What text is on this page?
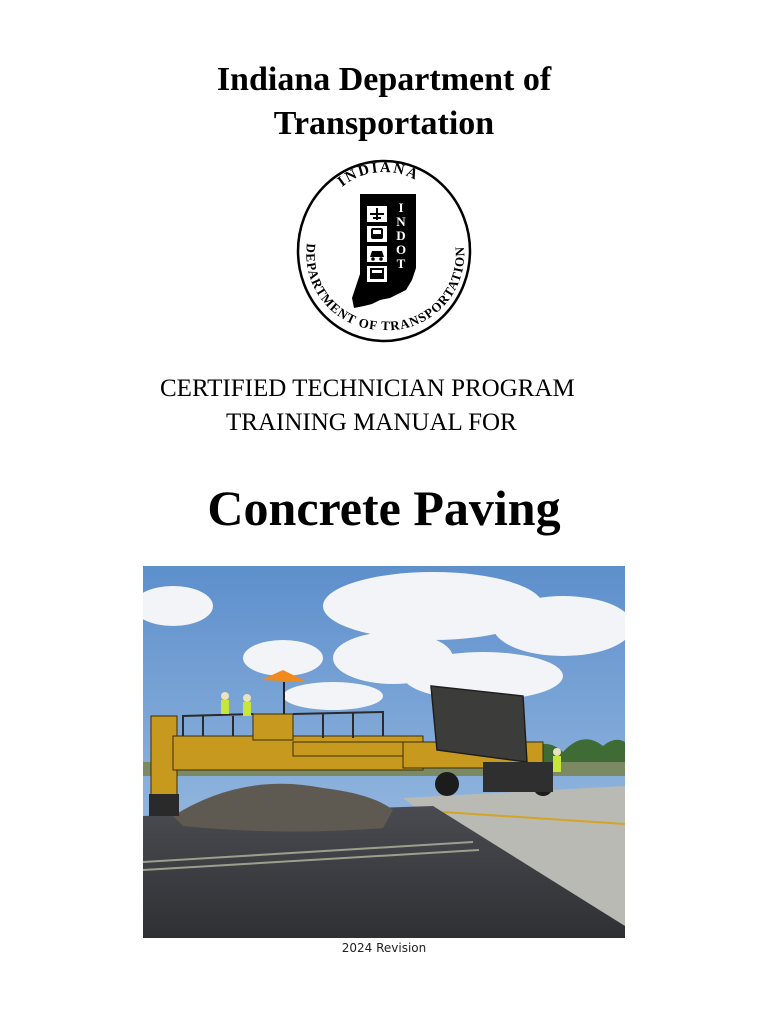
Indiana Department of
Transportation
INDIANA
DEPARTMENT OF TRANSPORTATION
I
N
D
O
T
CERTIFIED TECHNICIAN PROGRAM
TRAINING MANUAL FOR
Concrete Paving
2024 Revision
